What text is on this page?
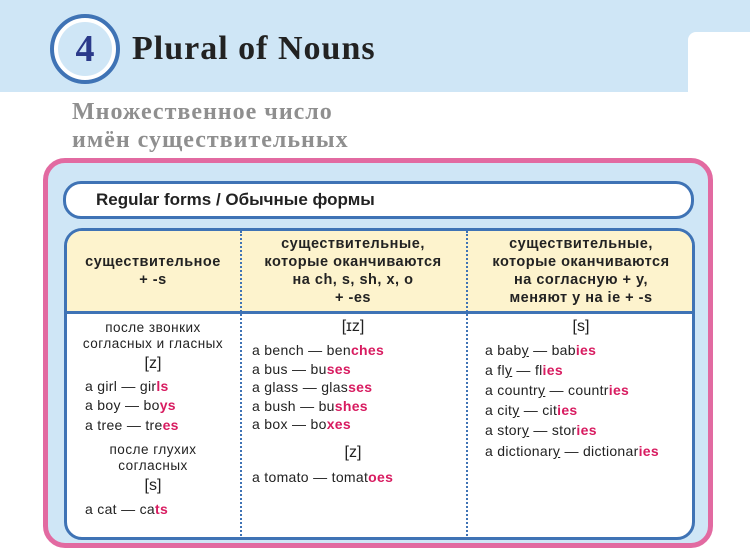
4	Plural of Nouns
Множественное число
имён существительных
Regular forms / Обычные формы
существительное
+ -s
существительные,
которые оканчиваются
на ch, s, sh, x, o
+ -es
существительные,
которые оканчиваются
на согласную + y,
меняют y на ie + -s
после звонких
согласных и гласных
[z]
a girl — girls
a boy — boys
a tree — trees
после глухих
согласных
[s]
a cat — cats
[ɪz]
a bench — benches
a bus — buses
a glass — glasses
a bush — bushes
a box — boxes
[z]
a tomato — tomatoes
[s]
a baby — babies
a fly — flies
a country — countries
a city — cities
a story — stories
a dictionary — dictionaries
